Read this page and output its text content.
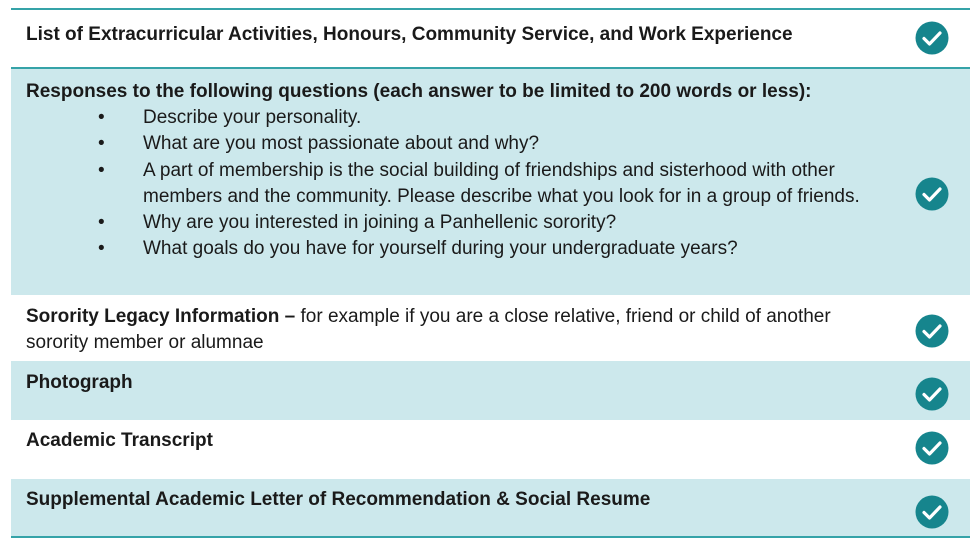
List of Extracurricular Activities, Honours, Community Service, and Work Experience

Responses to the following questions (each answer to be limited to 200 words or less):

•	Describe your personality.
•	What are you most passionate about and why?
•	A part of membership is the social building of friendships and sisterhood with other members and the community. Please describe what you look for in a group of friends.
•	Why are you interested in joining a Panhellenic sorority?
•	What goals do you have for yourself during your undergraduate years?

Sorority Legacy Information – for example if you are a close relative, friend or child of another sorority member or alumnae

Photograph

Academic Transcript

Supplemental Academic Letter of Recommendation & Social Resume
